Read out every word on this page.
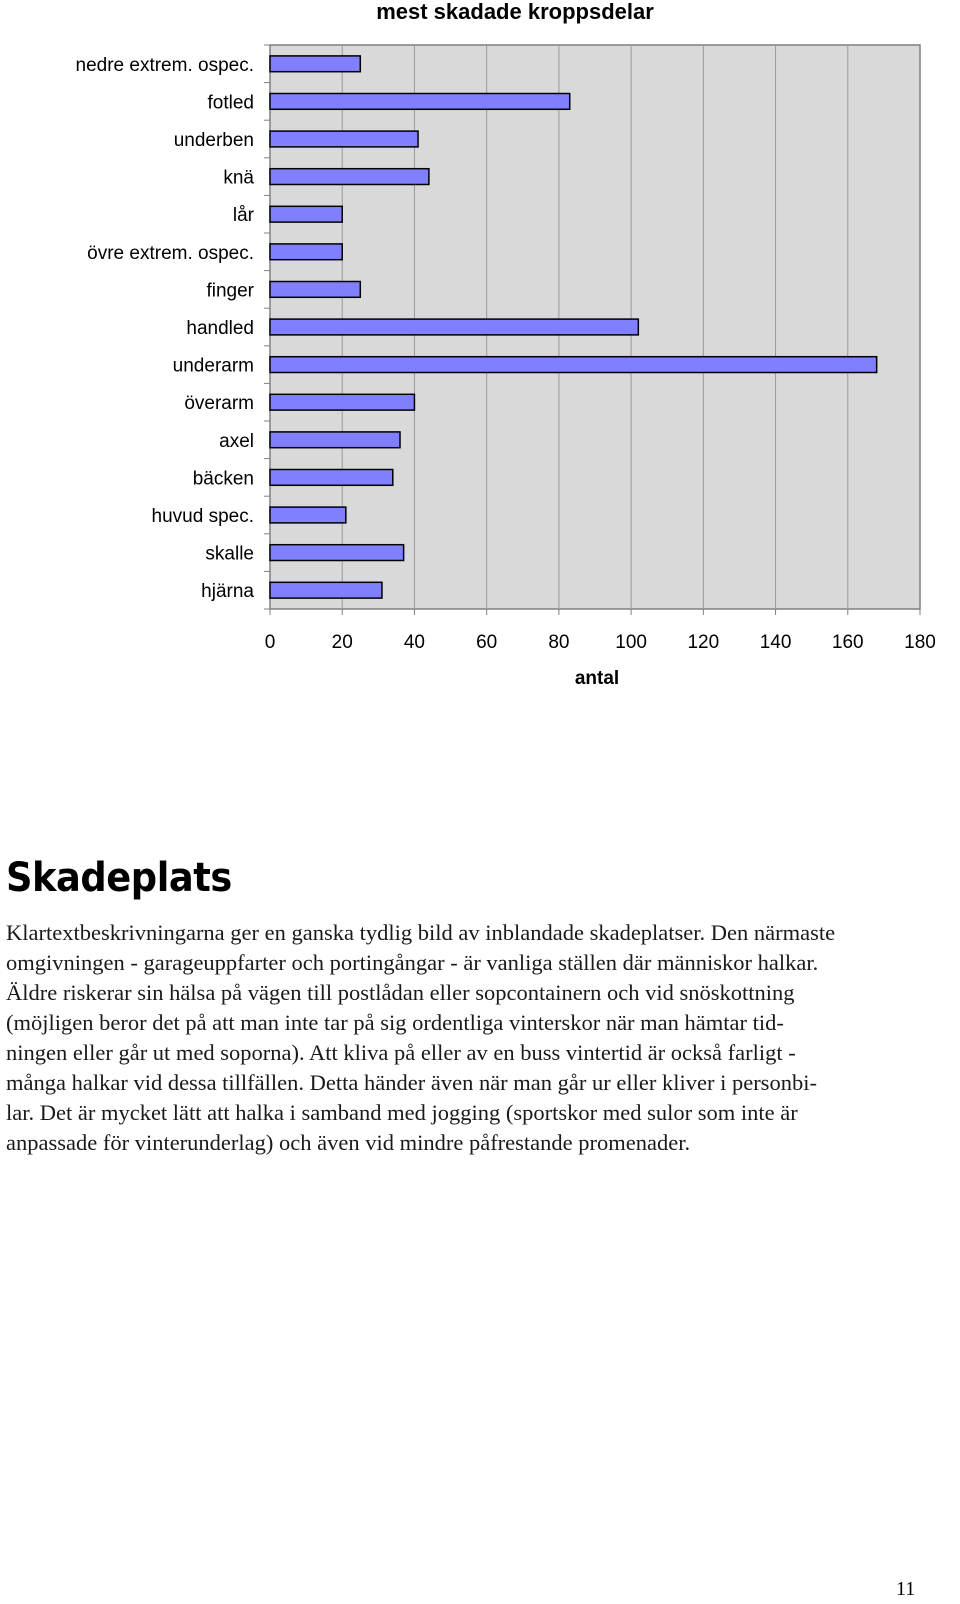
mest skadade kroppsdelar
nedre extrem. ospec.
fotled
underben
knä
lår
övre extrem. ospec.
finger
handled
underarm
överarm
axel
bäcken
huvud spec.
skalle
hjärna
0	20	40	60	80 100 120 140 160 180
antal
Skadeplats

Klartextbeskrivningarna ger en ganska tydlig bild av inblandade skadeplatser. Den närmaste
omgivningen - garageuppfarter och portingångar - är vanliga ställen där människor halkar.
Äldre riskerar sin hälsa på vägen till postlådan eller sopcontainern och vid snöskottning
(möjligen beror det på att man inte tar på sig ordentliga vinterskor när man hämtar tid-
ningen eller går ut med soporna). Att kliva på eller av en buss vintertid är också farligt -
många halkar vid dessa tillfällen. Detta händer även när man går ur eller kliver i personbi-
lar. Det är mycket lätt att halka i samband med jogging (sportskor med sulor som inte är
anpassade för vinterunderlag) och även vid mindre påfrestande promenader.

11
